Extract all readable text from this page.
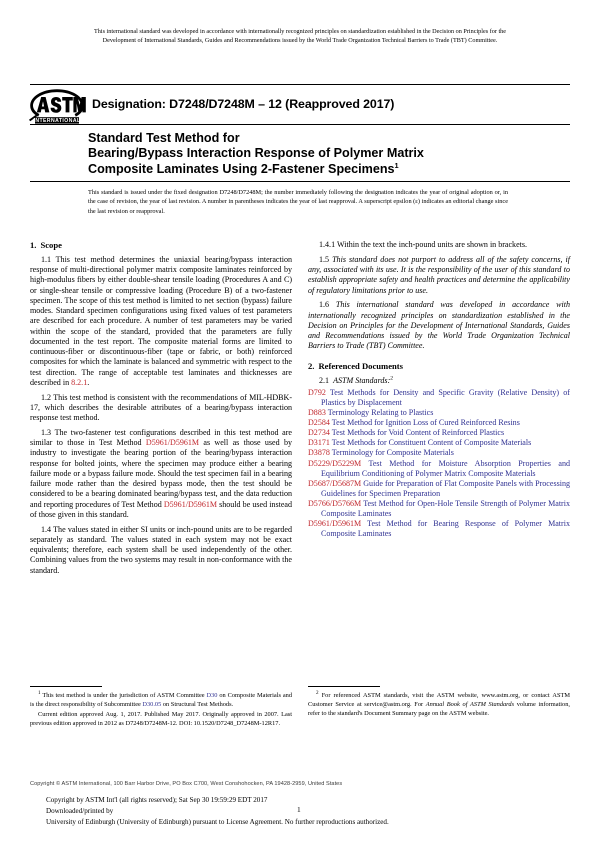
This international standard was developed in accordance with internationally recognized principles on standardization established in the Decision on Principles for the
Development of International Standards, Guides and Recommendations issued by the World Trade Organization Technical Barriers to Trade (TBT) Committee.
INTERNATIONAL
Designation: D7248/D7248M – 12 (Reapproved 2017)
Standard Test Method for
Bearing/Bypass Interaction Response of Polymer Matrix
Composite Laminates Using 2-Fastener Specimens$^1$
This standard is issued under the fixed designation D7248/D7248M; the number immediately following the designation indicates the year of original adoption or, in the case of revision, the year of last revision. A number in parentheses indicates the year of last reapproval. A superscript epsilon (ε) indicates an editorial change since the last revision or reapproval.
1. Scope

1.1 This test method determines the uniaxial bearing/bypass interaction response of multi-directional polymer matrix composite laminates reinforced by high-modulus fibers by either double-shear tensile loading (Procedures A and C) or single-shear tensile or compressive loading (Procedure B) of a two-fastener specimen. The scope of this test method is limited to net section (bypass) failure modes. Standard specimen configurations using fixed values of test parameters are described for each procedure. A number of test parameters may be varied within the scope of the standard, provided that the parameters are fully documented in the test report. The composite material forms are limited to continuous-fiber or discontinuous-fiber (tape or fabric, or both) reinforced composites for which the laminate is balanced and symmetric with respect to the test direction. The range of acceptable test laminates and thicknesses are described in 8.2.1.

1.2 This test method is consistent with the recommendations of MIL-HDBK-17, which describes the desirable attributes of a bearing/bypass interaction response test method.

1.3 The two-fastener test configurations described in this test method are similar to those in Test Method D5961/D5961M as well as those used by industry to investigate the bearing portion of the bearing/bypass interaction response for bolted joints, where the specimen may produce either a bearing failure mode or a bypass failure mode. Should the test specimen fail in a bearing failure mode rather than the desired bypass mode, then the test should be considered to be a bearing dominated bearing/bypass test, and the data reduction and reporting procedures of Test Method D5961/D5961M should be used instead of those given in this standard.

1.4 The values stated in either SI units or inch-pound units are to be regarded separately as standard. The values stated in each system may not be exact equivalents; therefore, each system shall be used independently of the other. Combining values from the two systems may result in non-conformance with the standard.

1.4.1 Within the text the inch-pound units are shown in brackets.

1.5 This standard does not purport to address all of the safety concerns, if any, associated with its use. It is the responsibility of the user of this standard to establish appropriate safety and health practices and determine the applicability of regulatory limitations prior to use.

1.6 This international standard was developed in accordance with internationally recognized principles on standardization established in the Decision on Principles for the Development of International Standards, Guides and Recommendations issued by the World Trade Organization Technical Barriers to Trade (TBT) Committee.

2. Referenced Documents
2.1 ASTM Standards:$^2$

D792 Test Methods for Density and Specific Gravity (Relative Density) of Plastics by Displacement

D883 Terminology Relating to Plastics

D2584 Test Method for Ignition Loss of Cured Reinforced Resins

D2734 Test Methods for Void Content of Reinforced Plastics

D3171 Test Methods for Constituent Content of Composite Materials

D3878 Terminology for Composite Materials

D5229/D5229M Test Method for Moisture Absorption Properties and Equilibrium Conditioning of Polymer Matrix Composite Materials

D5687/D5687M Guide for Preparation of Flat Composite Panels with Processing Guidelines for Specimen Preparation

D5766/D5766M Test Method for Open-Hole Tensile Strength of Polymer Matrix Composite Laminates

D5961/D5961M Test Method for Bearing Response of Polymer Matrix Composite Laminates

$^1$ This test method is under the jurisdiction of ASTM Committee D30 on Composite Materials and is the direct responsibility of Subcommittee D30.05 on Structural Test Methods.

Current edition approved Aug. 1, 2017. Published May 2017. Originally approved in 2007. Last previous edition approved in 2012 as D7248/D7248M-12. DOI: 10.1520/D7248_D7248M-12R17.

$^2$ For referenced ASTM standards, visit the ASTM website, www.astm.org, or contact ASTM Customer Service at service@astm.org. For Annual Book of ASTM Standards volume information, refer to the standard's Document Summary page on the ASTM website.

Copyright © ASTM International, 100 Barr Harbor Drive, PO Box C700, West Conshohocken, PA 19428-2959, United States
Copyright by ASTM Int'l (all rights reserved); Sat Sep 30 19:59:29 EDT 2017
Downloaded/printed by
University of Edinburgh (University of Edinburgh) pursuant to License Agreement. No further reproductions authorized.
1
